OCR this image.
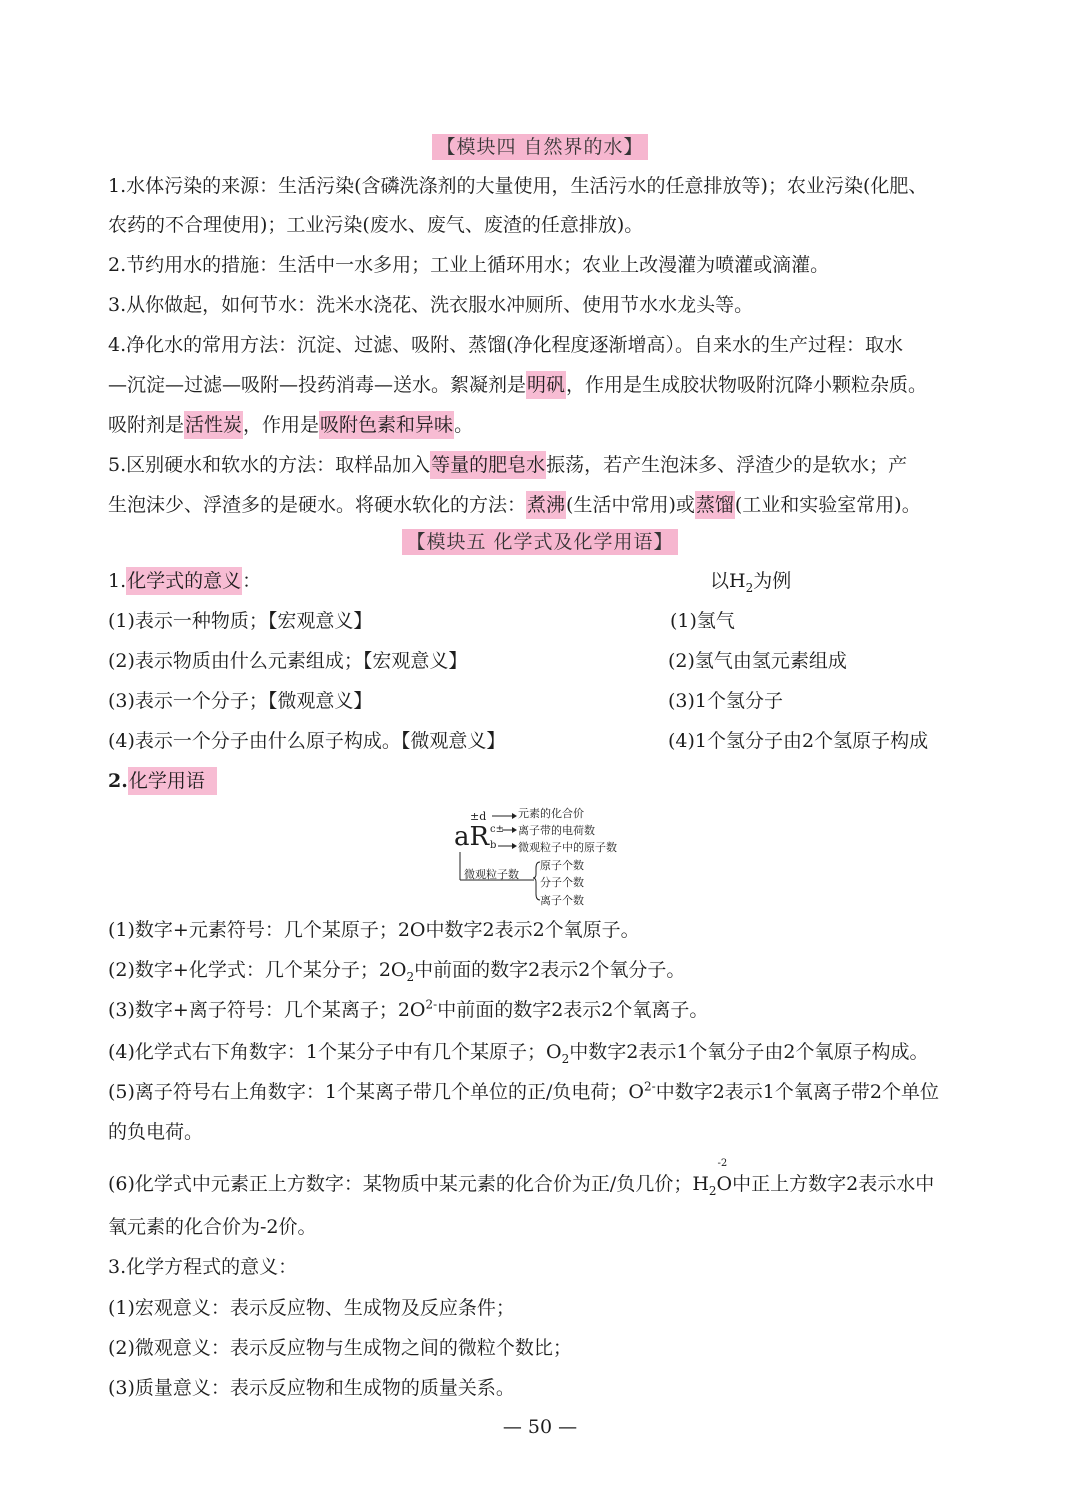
【模块四 自然界的水】
1.水体污染的来源：生活污染(含磷洗涤剂的大量使用，生活污水的任意排放等)；农业污染(化肥、
农药的不合理使用)；工业污染(废水、废气、废渣的任意排放)。
2.节约用水的措施：生活中一水多用；工业上循环用水；农业上改漫灌为喷灌或滴灌。
3.从你做起，如何节水：洗米水浇花、洗衣服水冲厕所、使用节水水龙头等。
4.净化水的常用方法：沉淀、过滤、吸附、蒸馏(净化程度逐渐增高）。自来水的生产过程：取水
—沉淀—过滤—吸附—投药消毒—送水。絮凝剂是明矾，作用是生成胶状物吸附沉降小颗粒杂质。
吸附剂是活性炭，作用是吸附色素和异味。
5.区别硬水和软水的方法：取样品加入等量的肥皂水振荡，若产生泡沫多、浮渣少的是软水；产
生泡沫少、浮渣多的是硬水。将硬水软化的方法：煮沸(生活中常用)或蒸馏(工业和实验室常用)。
【模块五 化学式及化学用语】
1.化学式的意义：	以$H_2$为例
(1)表示一种物质；【宏观意义】	(1)氢气
(2)表示物质由什么元素组成；【宏观意义】	(2)氢气由氢元素组成
(3)表示一个分子；【微观意义】	(3)1个氢分子
(4)表示一个分子由什么原子构成。【微观意义】	(4)1个氢分子由2个氢原子构成
2.化学用语
aR
±d
c±
b
元素的化合价
离子带的电荷数
微观粒子中的原子数
微观粒子数
原子个数
分子个数
离子个数
(1)数字+元素符号：几个某原子；2O中数字2表示2个氧原子。
(2)数字+化学式：几个某分子；$2O_2$中前面的数字2表示2个氧分子。
(3)数字+离子符号：几个某离子；$2O^{2-}$中前面的数字2表示2个氧离子。
(4)化学式右下角数字：1个某分子中有几个某原子；$O_2$中数字2表示1个氧分子由2个氧原子构成。
(5)离子符号右上角数字：1个某离子带几个单位的正/负电荷；$O^{2-}$中数字2表示1个氧离子带2个单位
的负电荷。
(6)化学式中元素正上方数字：某物质中某元素的化合价为正/负几价；$H_2$
-2
O中正上方数字2表示水中
氧元素的化合价为-2价。
3.化学方程式的意义：
(1)宏观意义：表示反应物、生成物及反应条件；
(2)微观意义：表示反应物与生成物之间的微粒个数比；
(3)质量意义：表示反应物和生成物的质量关系。
— 50 —
